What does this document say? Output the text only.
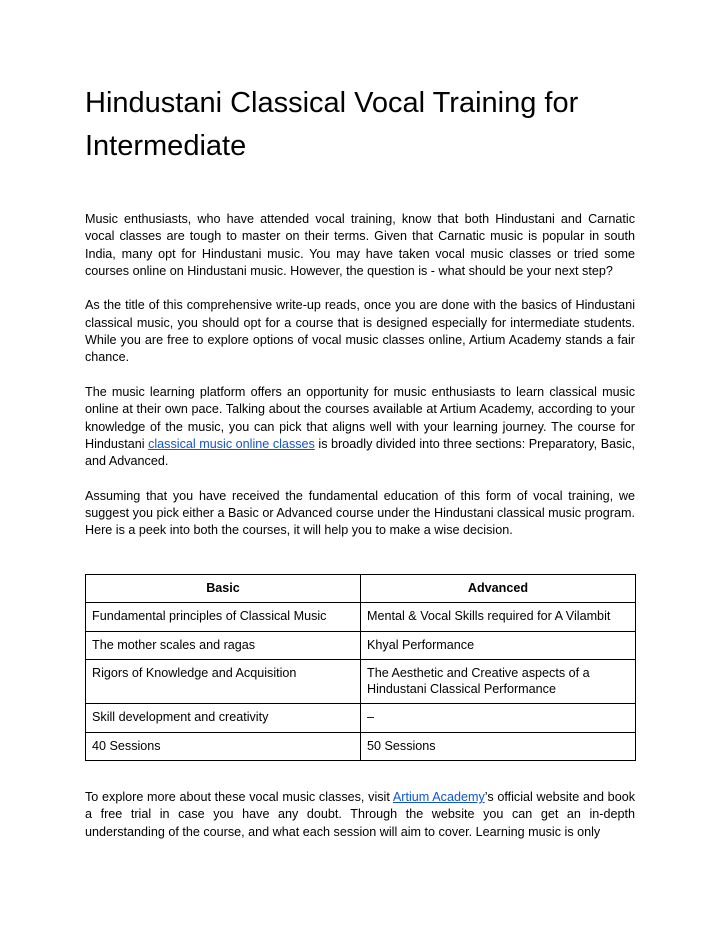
Hindustani Classical Vocal Training for Intermediate

Music enthusiasts, who have attended vocal training, know that both Hindustani and Carnatic vocal classes are tough to master on their terms. Given that Carnatic music is popular in south India, many opt for Hindustani music. You may have taken vocal music classes or tried some courses online on Hindustani music. However, the question is - what should be your next step?

As the title of this comprehensive write-up reads, once you are done with the basics of Hindustani classical music, you should opt for a course that is designed especially for intermediate students. While you are free to explore options of vocal music classes online, Artium Academy stands a fair chance.

The music learning platform offers an opportunity for music enthusiasts to learn classical music online at their own pace. Talking about the courses available at Artium Academy, according to your knowledge of the music, you can pick that aligns well with your learning journey. The course for Hindustani classical music online classes is broadly divided into three sections: Preparatory, Basic, and Advanced.

Assuming that you have received the fundamental education of this form of vocal training, we suggest you pick either a Basic or Advanced course under the Hindustani classical music program. Here is a peek into both the courses, it will help you to make a wise decision.

Basic	Advanced
Fundamental principles of Classical Music	Mental & Vocal Skills required for A Vilambit
The mother scales and ragas	Khyal Performance
Rigors of Knowledge and Acquisition	The Aesthetic and Creative aspects of a Hindustani Classical Performance
Skill development and creativity	–
40 Sessions	50 Sessions

To explore more about these vocal music classes, visit Artium Academy’s official website and book a free trial in case you have any doubt. Through the website you can get an in-depth understanding of the course, and what each session will aim to cover. Learning music is only
